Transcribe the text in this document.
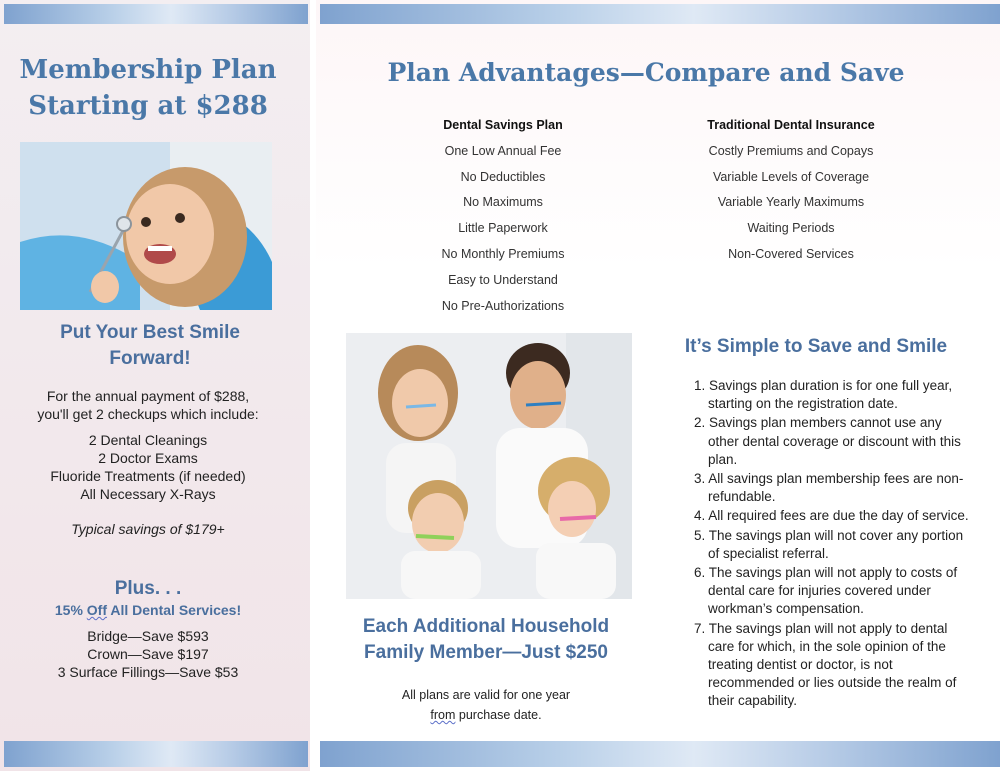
Membership Plan
Starting at $288
Put Your Best Smile
Forward!
For the annual payment of $288,
you'll get 2 checkups which include:
2 Dental Cleanings
2 Doctor Exams
Fluoride Treatments (if needed)
All Necessary X-Rays
Typical savings of $179+
Plus. . .
15% Off All Dental Services!
Bridge—Save $593
Crown—Save $197
3 Surface Fillings—Save $53
Plan Advantages—Compare and Save
Dental Savings Plan
One Low Annual Fee
No Deductibles
No Maximums
Little Paperwork
No Monthly Premiums
Easy to Understand
No Pre-Authorizations
Traditional Dental Insurance
Costly Premiums and Copays
Variable Levels of Coverage
Variable Yearly Maximums
Waiting Periods
Non-Covered Services
Each Additional Household
Family Member—Just $250
All plans are valid for one year
from purchase date.
It’s Simple to Save and Smile
1. Savings plan duration is for one full year, starting on the registration date.
2. Savings plan members cannot use any other dental coverage or discount with this plan.
3. All savings plan membership fees are non-refundable.
4. All required fees are due the day of service.
5. The savings plan will not cover any portion of specialist referral.
6. The savings plan will not apply to costs of dental care for injuries covered under workman’s compensation.
7. The savings plan will not apply to dental care for which, in the sole opinion of the treating dentist or doctor, is not recommended or lies outside the realm of their capability.
